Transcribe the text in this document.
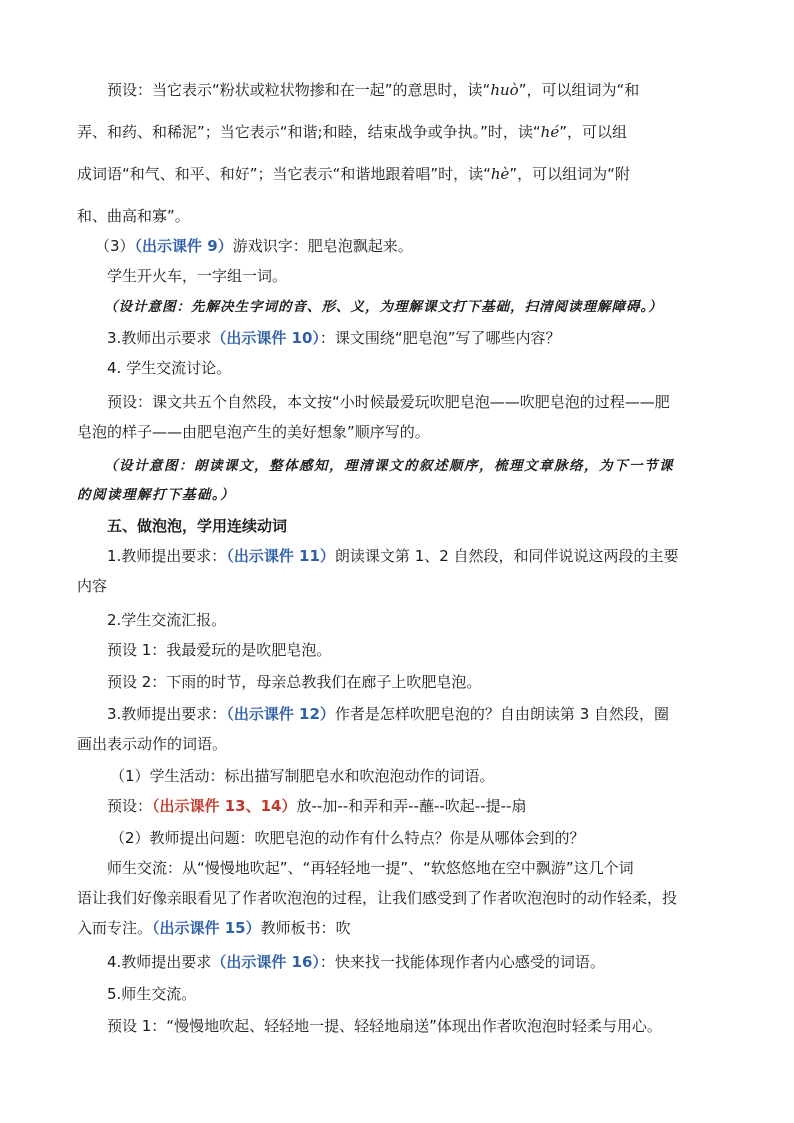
预设：当它表示“粉状或粒状物掺和在一起”的意思时，读“huò”，可以组词为“和
弄、和药、和稀泥”；当它表示“和谐;和睦，结束战争或争执。”时，读“hé”，可以组
成词语“和气、和平、和好”；当它表示“和谐地跟着唱”时，读“hè”，可以组词为“附
和、曲高和寡”。
（3）（出示课件 9）游戏识字：肥皂泡飘起来。
学生开火车，一字组一词。
（设计意图：先解决生字词的音、形、义，为理解课文打下基础，扫清阅读理解障碍。）
3.教师出示要求（出示课件 10）：课文围绕“肥皂泡”写了哪些内容？
4. 学生交流讨论。
预设：课文共五个自然段，本文按“小时候最爱玩吹肥皂泡——吹肥皂泡的过程——肥
皂泡的样子——由肥皂泡产生的美好想象”顺序写的。
（设计意图：朗读课文，整体感知，理清课文的叙述顺序，梳理文章脉络，为下一节课
的阅读理解打下基础。）
五、做泡泡，学用连续动词
1.教师提出要求：（出示课件 11）朗读课文第 1、2 自然段，和同伴说说这两段的主要
内容
2.学生交流汇报。
预设 1：我最爱玩的是吹肥皂泡。
预设 2：下雨的时节，母亲总教我们在廊子上吹肥皂泡。
3.教师提出要求：（出示课件 12）作者是怎样吹肥皂泡的？自由朗读第 3 自然段，圈
画出表示动作的词语。
（1）学生活动：标出描写制肥皂水和吹泡泡动作的词语。
预设：（出示课件 13、14）放--加--和弄和弄--蘸--吹起--提--扇
（2）教师提出问题：吹肥皂泡的动作有什么特点？你是从哪体会到的？
师生交流：从“慢慢地吹起”、“再轻轻地一提”、“软悠悠地在空中飘游”这几个词
语让我们好像亲眼看见了作者吹泡泡的过程，让我们感受到了作者吹泡泡时的动作轻柔，投
入而专注。（出示课件 15）教师板书：吹
4.教师提出要求（出示课件 16）：快来找一找能体现作者内心感受的词语。
5.师生交流。
预设 1：“慢慢地吹起、轻轻地一提、轻轻地扇送”体现出作者吹泡泡时轻柔与用心。
